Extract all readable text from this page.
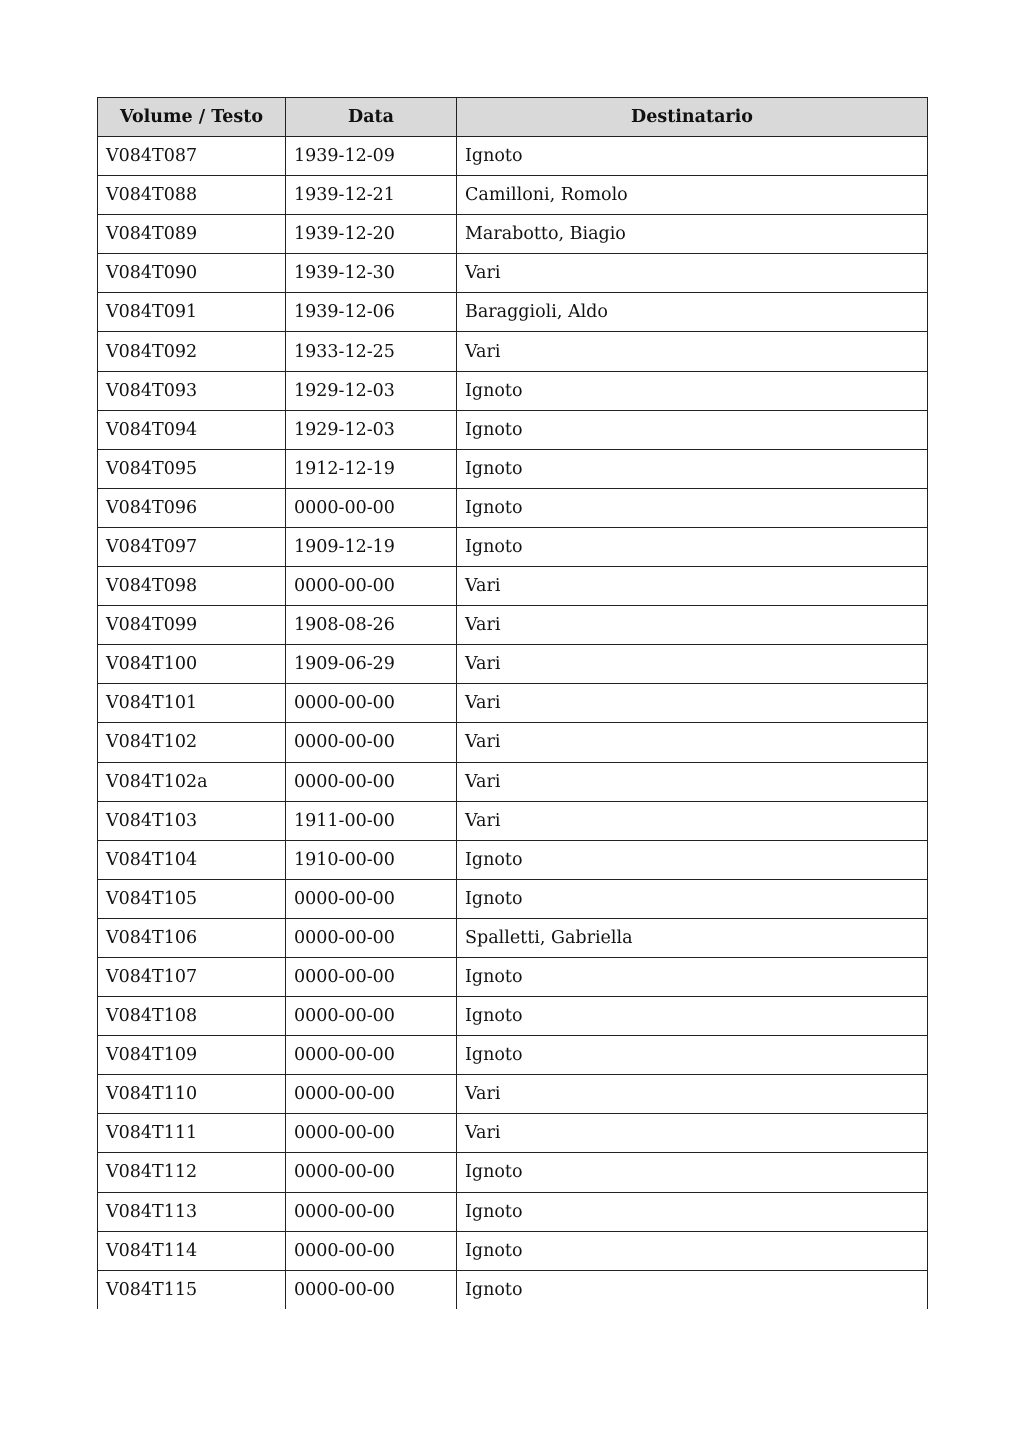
Volume / Testo	Data	Destinatario
V084T087	1939-12-09	Ignoto
V084T088	1939-12-21	Camilloni, Romolo
V084T089	1939-12-20	Marabotto, Biagio
V084T090	1939-12-30	Vari
V084T091	1939-12-06	Baraggioli, Aldo
V084T092	1933-12-25	Vari
V084T093	1929-12-03	Ignoto
V084T094	1929-12-03	Ignoto
V084T095	1912-12-19	Ignoto
V084T096	0000-00-00	Ignoto
V084T097	1909-12-19	Ignoto
V084T098	0000-00-00	Vari
V084T099	1908-08-26	Vari
V084T100	1909-06-29	Vari
V084T101	0000-00-00	Vari
V084T102	0000-00-00	Vari
V084T102a	0000-00-00	Vari
V084T103	1911-00-00	Vari
V084T104	1910-00-00	Ignoto
V084T105	0000-00-00	Ignoto
V084T106	0000-00-00	Spalletti, Gabriella
V084T107	0000-00-00	Ignoto
V084T108	0000-00-00	Ignoto
V084T109	0000-00-00	Ignoto
V084T110	0000-00-00	Vari
V084T111	0000-00-00	Vari
V084T112	0000-00-00	Ignoto
V084T113	0000-00-00	Ignoto
V084T114	0000-00-00	Ignoto
V084T115	0000-00-00	Ignoto
